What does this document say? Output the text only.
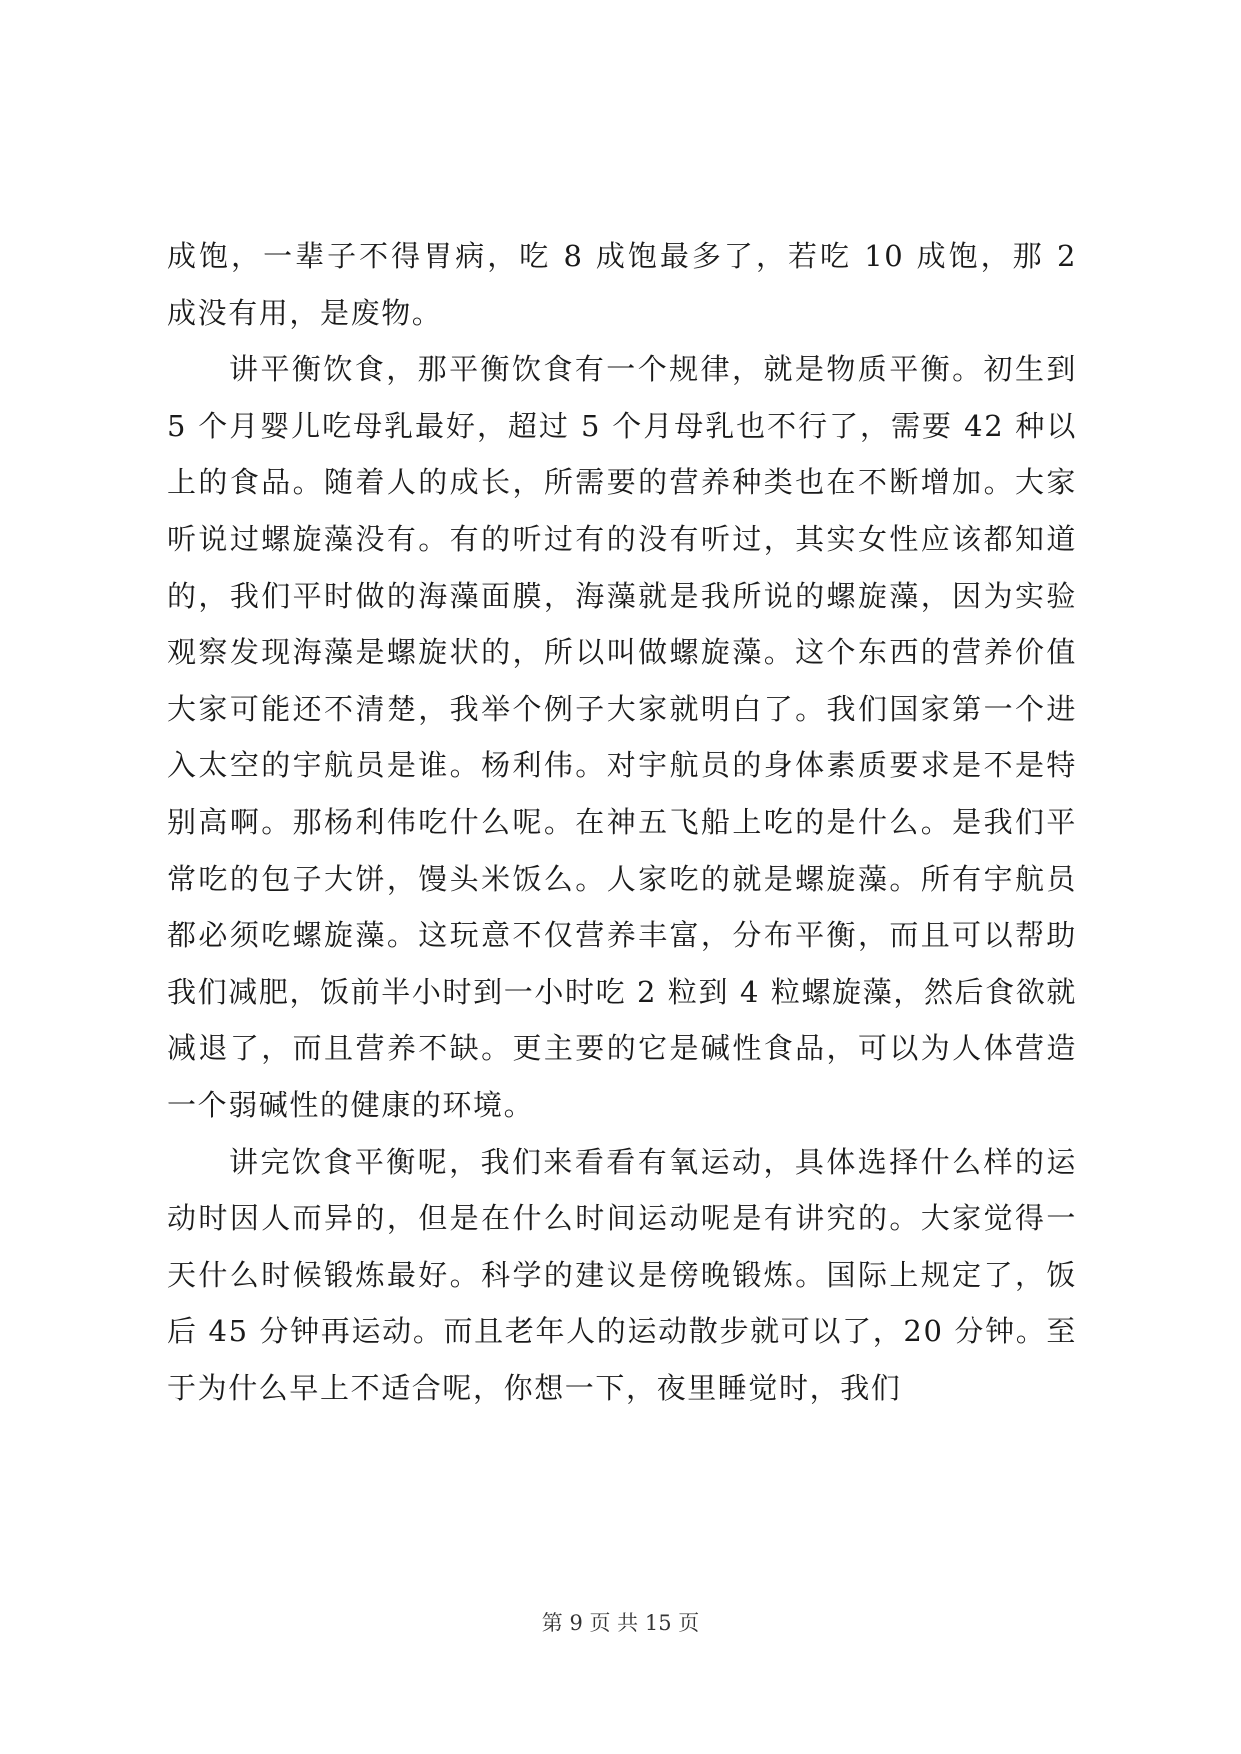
成饱，一辈子不得胃病，吃 8 成饱最多了，若吃 10 成饱，那 2 成没有用，是废物。

讲平衡饮食，那平衡饮食有一个规律，就是物质平衡。初生到 5 个月婴儿吃母乳最好，超过 5 个月母乳也不行了，需要 42 种以上的食品。随着人的成长，所需要的营养种类也在不断增加。大家听说过螺旋藻没有。有的听过有的没有听过，其实女性应该都知道的，我们平时做的海藻面膜，海藻就是我所说的螺旋藻，因为实验观察发现海藻是螺旋状的，所以叫做螺旋藻。这个东西的营养价值大家可能还不清楚，我举个例子大家就明白了。我们国家第一个进入太空的宇航员是谁。杨利伟。对宇航员的身体素质要求是不是特别高啊。那杨利伟吃什么呢。在神五飞船上吃的是什么。是我们平常吃的包子大饼，馒头米饭么。人家吃的就是螺旋藻。所有宇航员都必须吃螺旋藻。这玩意不仅营养丰富，分布平衡，而且可以帮助我们减肥，饭前半小时到一小时吃 2 粒到 4 粒螺旋藻，然后食欲就减退了，而且营养不缺。更主要的它是碱性食品，可以为人体营造一个弱碱性的健康的环境。

讲完饮食平衡呢，我们来看看有氧运动，具体选择什么样的运动时因人而异的，但是在什么时间运动呢是有讲究的。大家觉得一天什么时候锻炼最好。科学的建议是傍晚锻炼。国际上规定了，饭后 45 分钟再运动。而且老年人的运动散步就可以了，20 分钟。至于为什么早上不适合呢，你想一下，夜里睡觉时，我们

第 9 页 共 15 页
